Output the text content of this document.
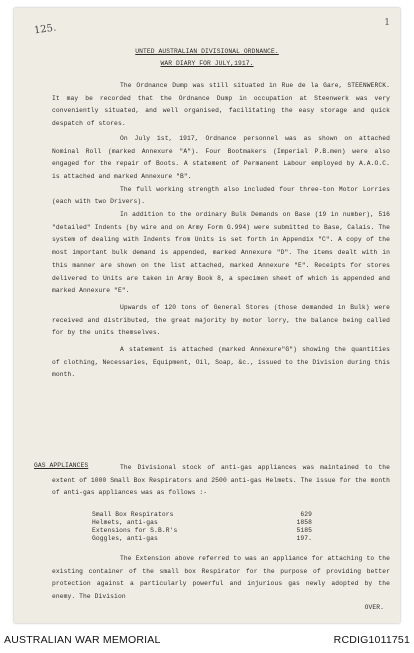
125.	1
UNTED AUSTRALIAN DIVISIONAL ORDNANCE.
WAR DIARY FOR JULY,1917.

The Ordnance Dump was still situated in Rue de la Gare, STEENWERCK. It may be recorded that the Ordnance Dump in occupation at Steenwerk was very conveniently situated, and well organised, facilitating the easy storage and quick despatch of stores.

On July 1st, 1917, Ordnance personnel was as shown on attached Nominal Roll (marked Annexure "A"). Four Bootmakers (Imperial P.B.men) were also engaged for the repair of Boots. A statement of Permanent Labour employed by A.A.O.C. is attached and marked Annexure "B".

The full working strength also included four three-ton Motor Lorries (each with two Drivers).

In addition to the ordinary Bulk Demands on Base (19 in number), 516 "detailed" Indents (by wire and on Army Form G.994) were submitted to Base, Calais. The system of dealing with Indents from Units is set forth in Appendix "C". A copy of the most important bulk demand is appended, marked Annexure "D". The items dealt with in this manner are shown on the list attached, marked Annexure "E". Receipts for stores delivered to Units are taken in Army Book 8, a specimen sheet of which is appended and marked Annexure "E".

Upwards of 120 tons of General Stores (those demanded in Bulk) were received and distributed, the great majority by motor lorry, the balance being called for by the units themselves.

A statement is attached (marked Annexure"G") showing the quantities of clothing, Necessaries, Equipment, Oil, Soap, &c., issued to the Division during this month.

GAS APPLIANCES	The Divisional stock of anti-gas appliances was maintained to the extent of 1000 Small Box Respirators and 2500 anti-gas Helmets. The issue for the month of anti-gas appliances was as follows :-

Small Box Respirators	629
Helmets, anti-gas	1858
Extensions for S.B.R's	5185
Goggles, anti-gas	197.

The Extension above referred to was an appliance for attaching to the existing container of the small box Respirator for the purpose of providing better protection against a particularly powerful and injurious gas newly adopted by the enemy. The Division

OVER.
AUSTRALIAN WAR MEMORIAL	RCDIG1011751
